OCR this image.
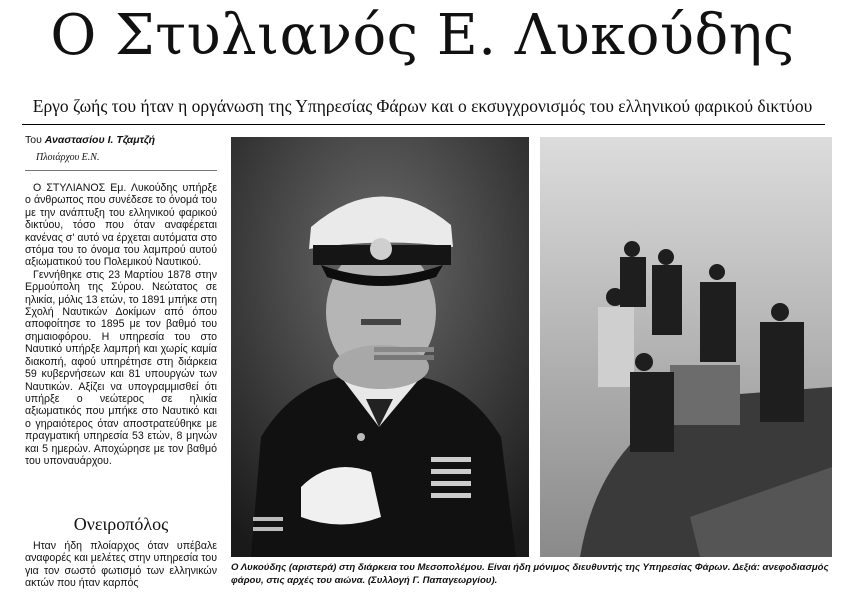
Ο Στυλιανός Ε. Λυκούδης
Εργο ζωής του ήταν η οργάνωση της Υπηρεσίας Φάρων και ο εκσυγχρονισμός του ελληνικού φαρικού δικτύου
Του Αναστασίου Ι. Τζαμτζή
Πλοιάρχου Ε.Ν.

Ο ΣΤΥΛΙΑΝΟΣ Εμ. Λυκούδης υπήρξε ο άνθρωπος που συνέδεσε το όνομά του με την ανάπτυξη του ελληνικού φαρικού δικτύου, τόσο που όταν αναφέρεται κανένας σ' αυτό να έρχεται αυτόματα στο στόμα του το όνομα του λαμπρού αυτού αξιωματικού του Πολεμικού Ναυτικού.

Γεννήθηκε στις 23 Μαρτίου 1878 στην Ερμούπολη της Σύρου. Νεώτατος σε ηλικία, μόλις 13 ετών, το 1891 μπήκε στη Σχολή Ναυτικών Δοκίμων από όπου αποφοίτησε το 1895 με τον βαθμό του σημαιοφόρου. Η υπηρεσία του στο Ναυτικό υπήρξε λαμπρή και χωρίς καμία διακοπή, αφού υπηρέτησε στη διάρκεια 59 κυβερνήσεων και 81 υπουργών των Ναυτικών. Αξίζει να υπογραμμισθεί ότι υπήρξε ο νεώτερος σε ηλικία αξιωματικός που μπήκε στο Ναυτικό και ο γηραιότερος όταν αποστρατεύθηκε με πραγματική υπηρεσία 53 ετών, 8 μηνών και 5 ημερών. Αποχώρησε με τον βαθμό του υποναυάρχου.

Ονειροπόλος

Ηταν ήδη πλοίαρχος όταν υπέβαλε αναφορές και μελέτες στην υπηρεσία του για τον σωστό φωτισμό των ελληνικών ακτών που ήταν καρπός

Ο Λυκούδης (αριστερά) στη διάρκεια του Μεσοπολέμου. Είναι ήδη μόνιμος διευθυντής της Υπηρεσίας Φάρων. Δεξιά: ανεφοδιασμός φάρου, στις αρχές του αιώνα. (Συλλογή Γ. Παπαγεωργίου).
